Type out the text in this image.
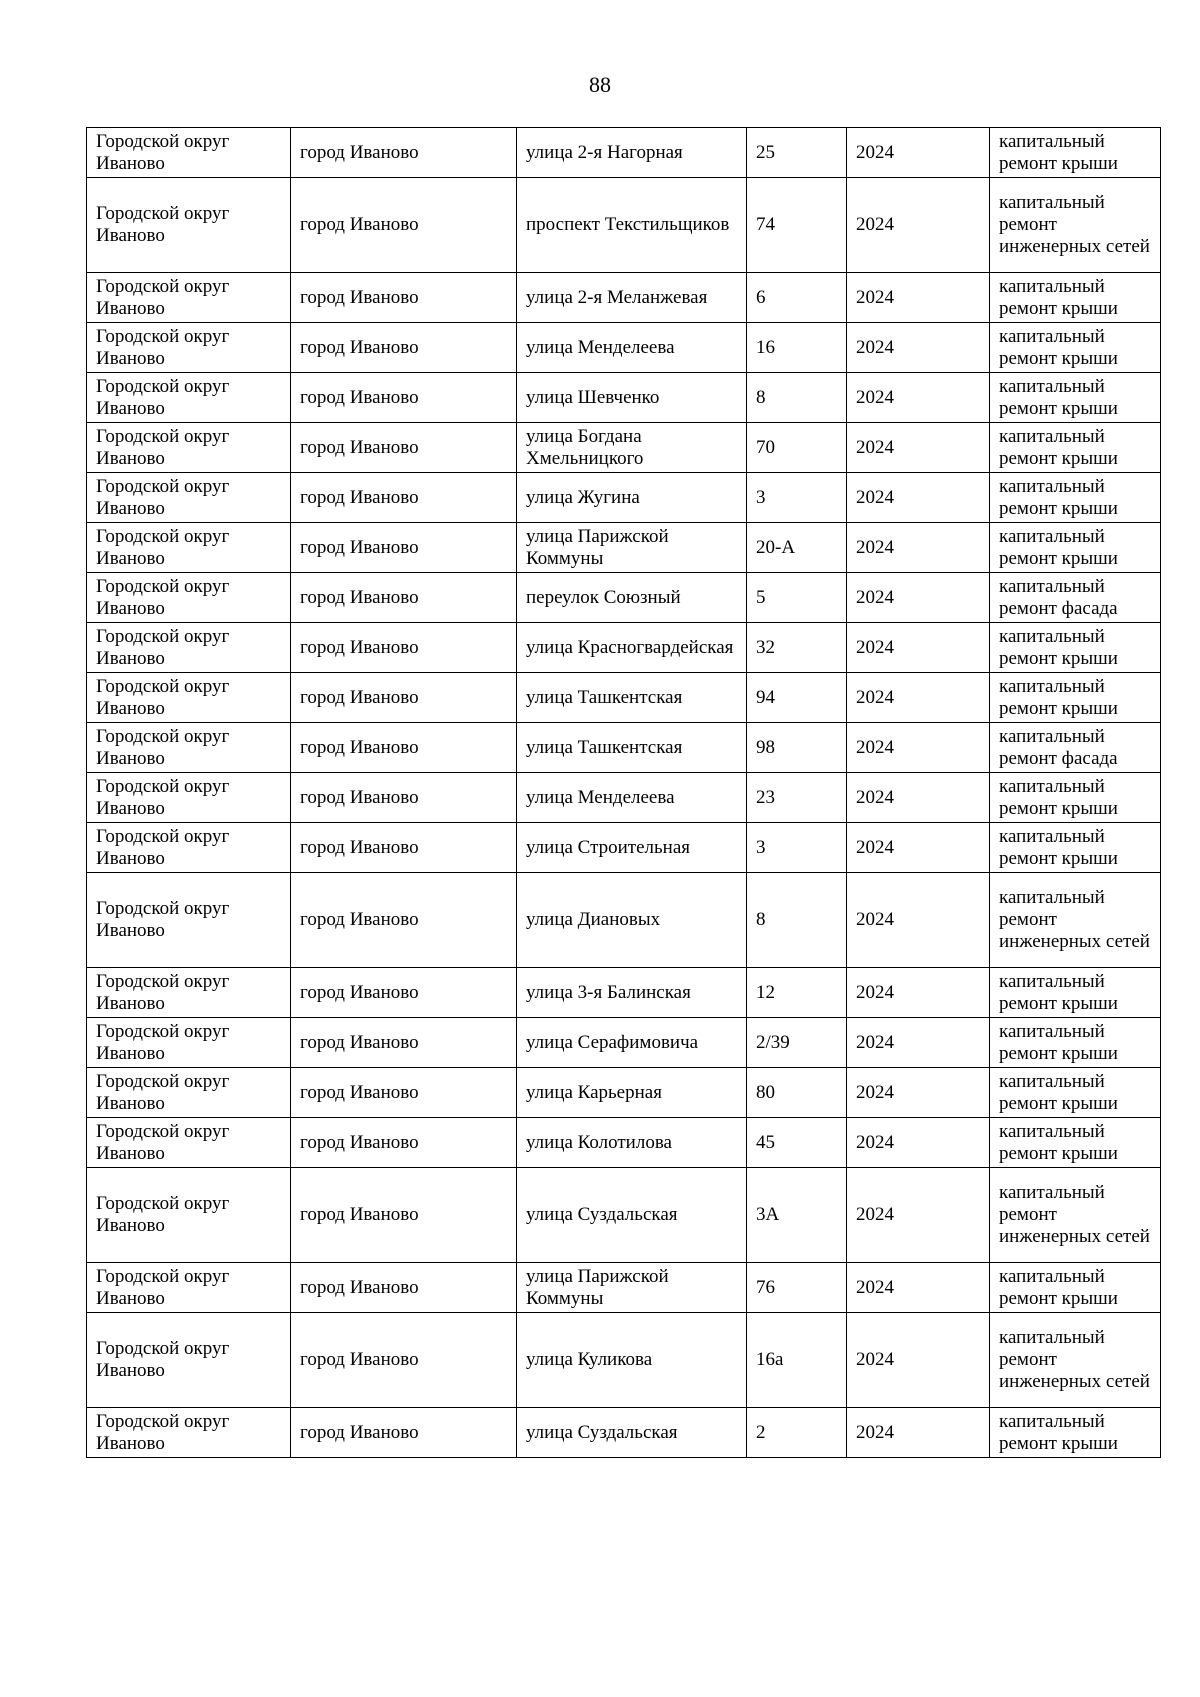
88
Городской округ Иваново	город Иваново	улица 2-я Нагорная	25	2024	капитальный ремонт крыши
Городской округ Иваново	город Иваново	проспект Текстильщиков	74	2024	капитальный ремонт инженерных сетей
Городской округ Иваново	город Иваново	улица 2-я Меланжевая	6	2024	капитальный ремонт крыши
Городской округ Иваново	город Иваново	улица Менделеева	16	2024	капитальный ремонт крыши
Городской округ Иваново	город Иваново	улица Шевченко	8	2024	капитальный ремонт крыши
Городской округ Иваново	город Иваново	улица Богдана Хмельницкого	70	2024	капитальный ремонт крыши
Городской округ Иваново	город Иваново	улица Жугина	3	2024	капитальный ремонт крыши
Городской округ Иваново	город Иваново	улица Парижской Коммуны	20-А	2024	капитальный ремонт крыши
Городской округ Иваново	город Иваново	переулок Союзный	5	2024	капитальный ремонт фасада
Городской округ Иваново	город Иваново	улица Красногвардейская	32	2024	капитальный ремонт крыши
Городской округ Иваново	город Иваново	улица Ташкентская	94	2024	капитальный ремонт крыши
Городской округ Иваново	город Иваново	улица Ташкентская	98	2024	капитальный ремонт фасада
Городской округ Иваново	город Иваново	улица Менделеева	23	2024	капитальный ремонт крыши
Городской округ Иваново	город Иваново	улица Строительная	3	2024	капитальный ремонт крыши
Городской округ Иваново	город Иваново	улица Диановых	8	2024	капитальный ремонт инженерных сетей
Городской округ Иваново	город Иваново	улица 3-я Балинская	12	2024	капитальный ремонт крыши
Городской округ Иваново	город Иваново	улица Серафимовича	2/39	2024	капитальный ремонт крыши
Городской округ Иваново	город Иваново	улица Карьерная	80	2024	капитальный ремонт крыши
Городской округ Иваново	город Иваново	улица Колотилова	45	2024	капитальный ремонт крыши
Городской округ Иваново	город Иваново	улица Суздальская	3А	2024	капитальный ремонт инженерных сетей
Городской округ Иваново	город Иваново	улица Парижской Коммуны	76	2024	капитальный ремонт крыши
Городской округ Иваново	город Иваново	улица Куликова	16а	2024	капитальный ремонт инженерных сетей
Городской округ Иваново	город Иваново	улица Суздальская	2	2024	капитальный ремонт крыши
